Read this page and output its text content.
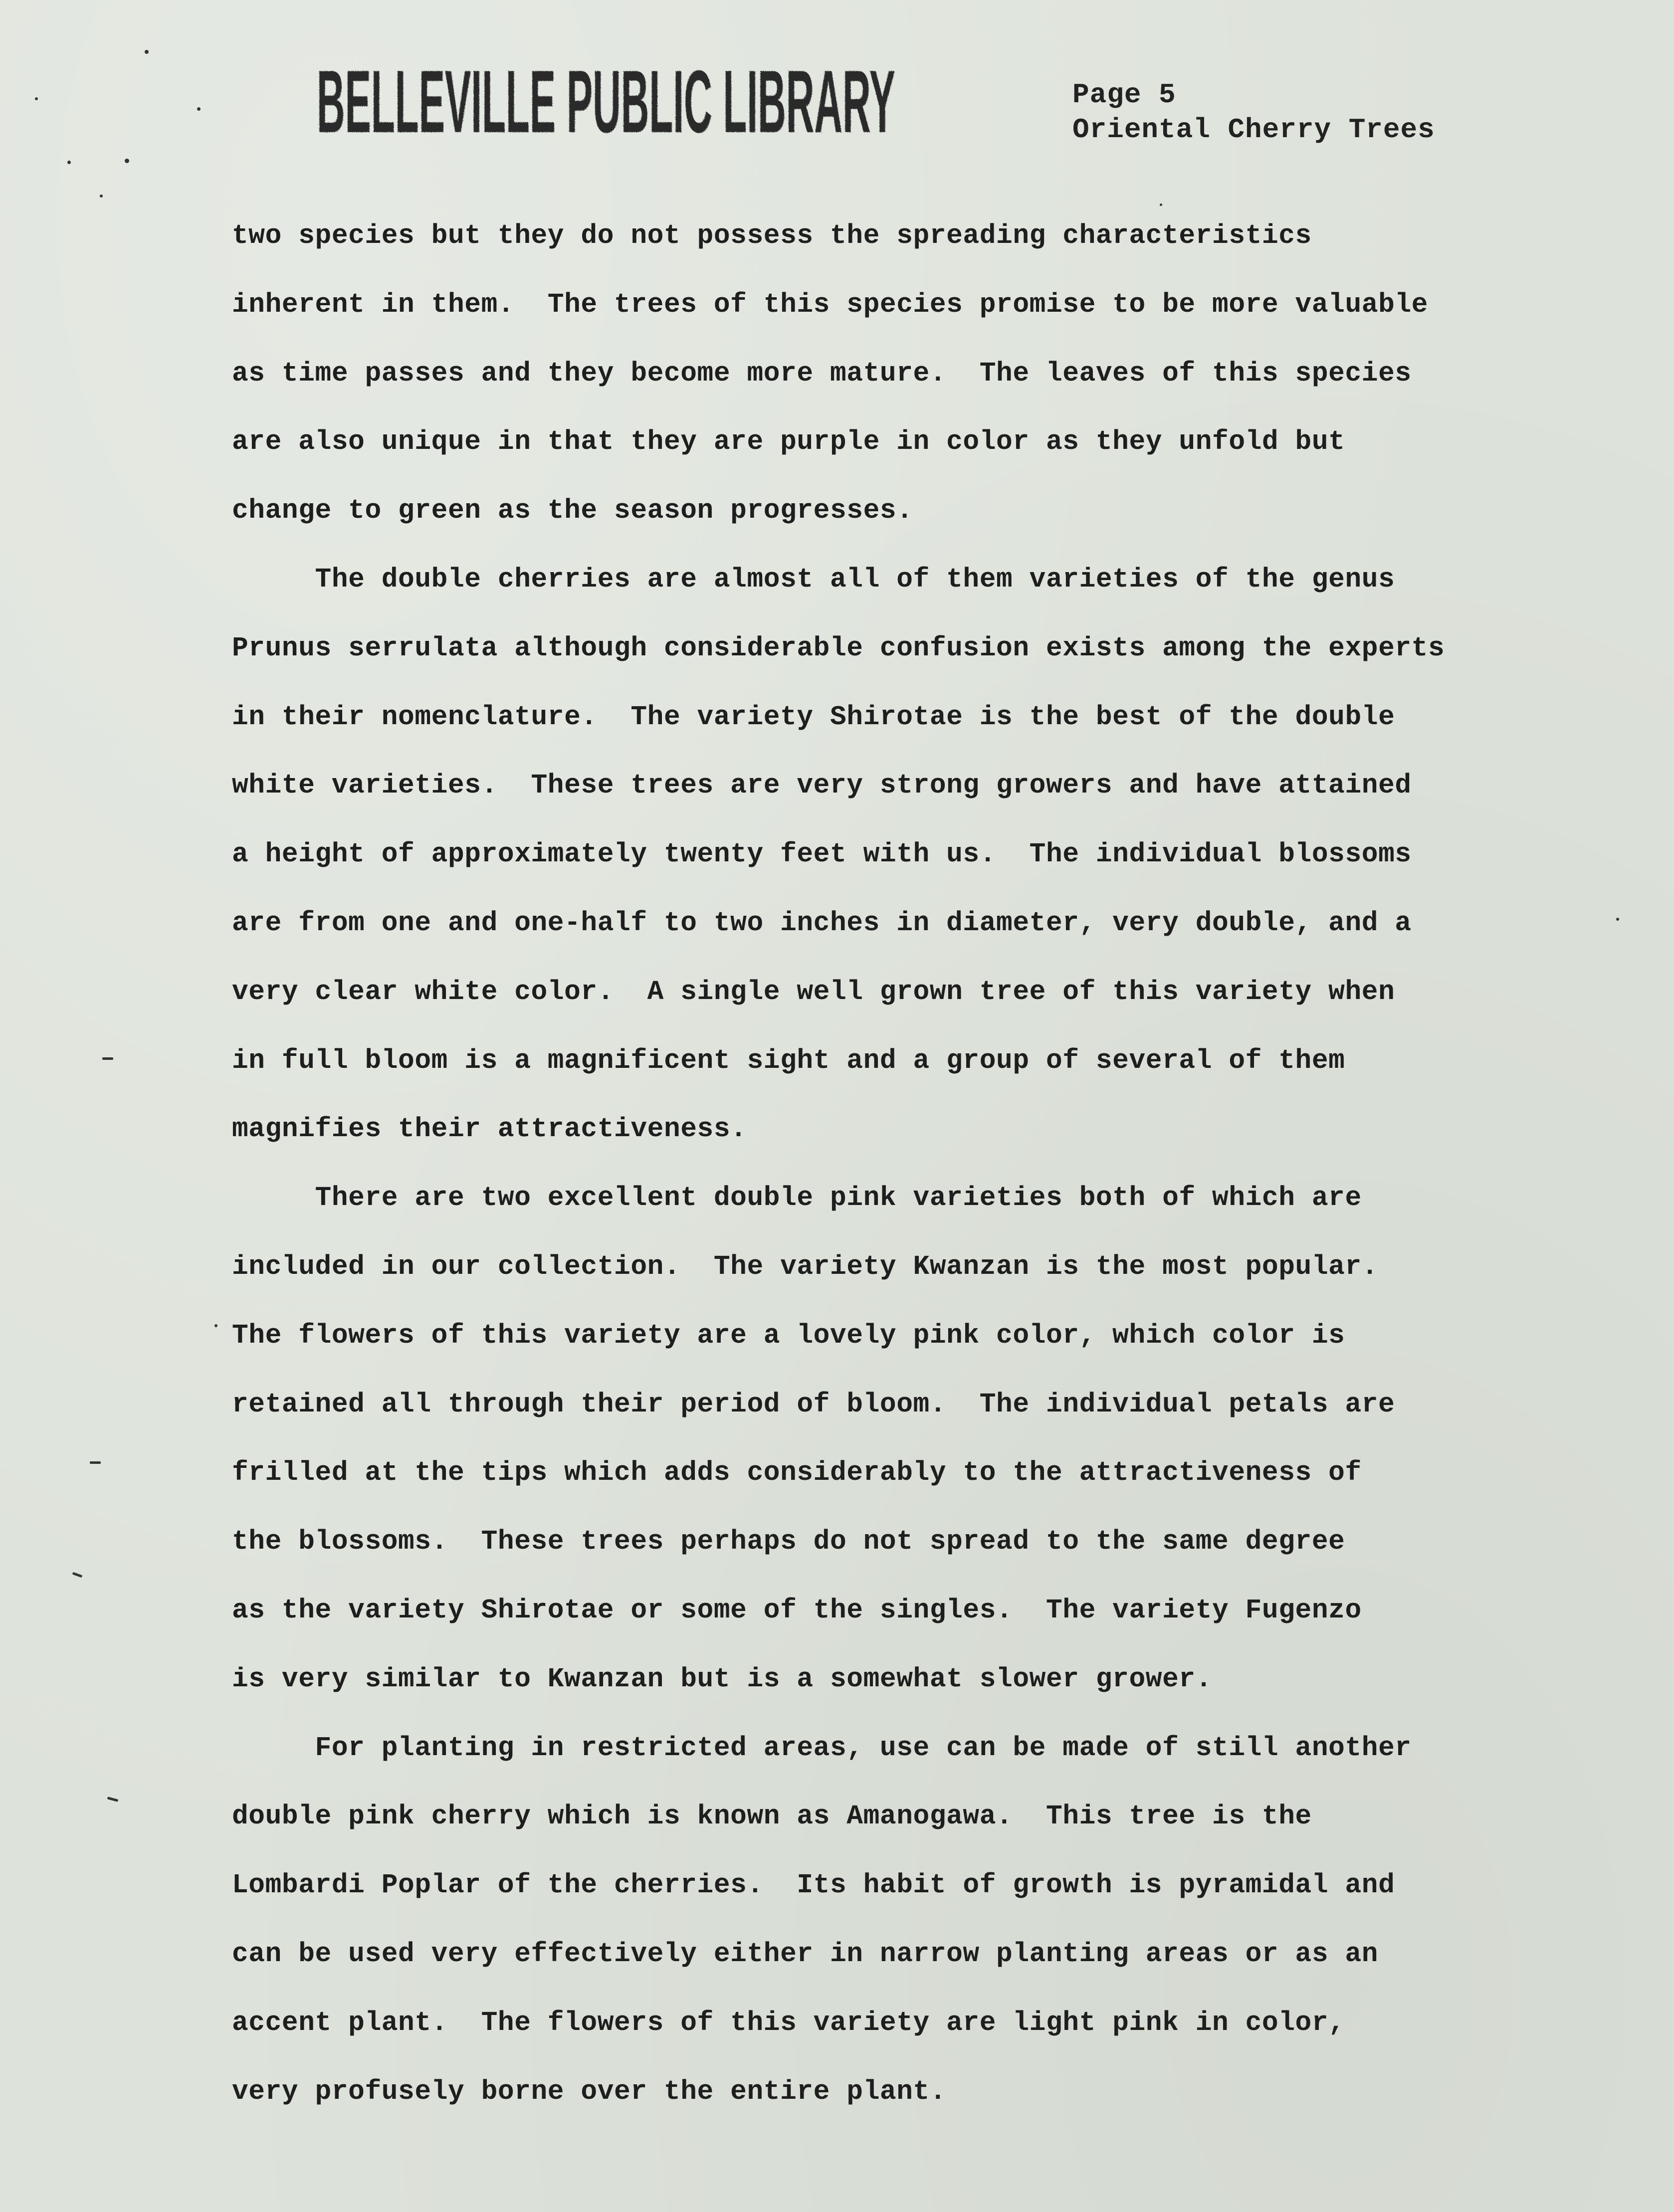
BELLEVILLE PUBLIC LIBRARY	Page 5
Oriental Cherry Trees
two species but they do not possess the spreading characteristics
inherent in them.  The trees of this species promise to be more valuable
as time passes and they become more mature.  The leaves of this species
are also unique in that they are purple in color as they unfold but
change to green as the season progresses.
The double cherries are almost all of them varieties of the genus
Prunus serrulata although considerable confusion exists among the experts
in their nomenclature.  The variety Shirotae is the best of the double
white varieties.  These trees are very strong growers and have attained
a height of approximately twenty feet with us.  The individual blossoms
are from one and one-half to two inches in diameter, very double, and a
very clear white color.  A single well grown tree of this variety when
in full bloom is a magnificent sight and a group of several of them
magnifies their attractiveness.
There are two excellent double pink varieties both of which are
included in our collection.  The variety Kwanzan is the most popular.
The flowers of this variety are a lovely pink color, which color is
retained all through their period of bloom.  The individual petals are
frilled at the tips which adds considerably to the attractiveness of
the blossoms.  These trees perhaps do not spread to the same degree
as the variety Shirotae or some of the singles.  The variety Fugenzo
is very similar to Kwanzan but is a somewhat slower grower.
For planting in restricted areas, use can be made of still another
double pink cherry which is known as Amanogawa.  This tree is the
Lombardi Poplar of the cherries.  Its habit of growth is pyramidal and
can be used very effectively either in narrow planting areas or as an
accent plant.  The flowers of this variety are light pink in color,
very profusely borne over the entire plant.
